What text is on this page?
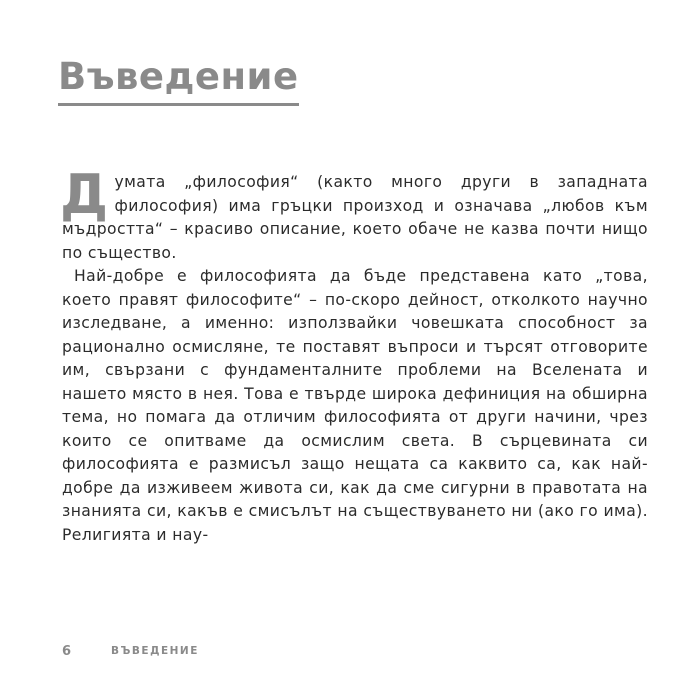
Въведение

Думата „философия“ (както много други в западната философия) има гръцки произход и означава „любов към мъдростта“ – красиво описание, което обаче не казва почти нищо по същество.

Най-добре е философията да бъде представена като „това, което правят философите“ – по-скоро дейност, отколкото научно изследване, а именно: използвайки човешката способност за рационално осмисляне, те поставят въпроси и търсят отговорите им, свързани с фундаменталните проблеми на Вселената и нашето място в нея. Това е твърде широка дефиниция на обширна тема, но помага да отличим философията от други начини, чрез които се опитваме да осмислим света. В сърцевината си философията е размисъл защо нещата са каквито са, как най-добре да изживеем живота си, как да сме сигурни в правотата на знанията си, какъв е смисълът на съществуването ни (ако го има). Религията и нау-

6	ВЪВЕДЕНИЕ
